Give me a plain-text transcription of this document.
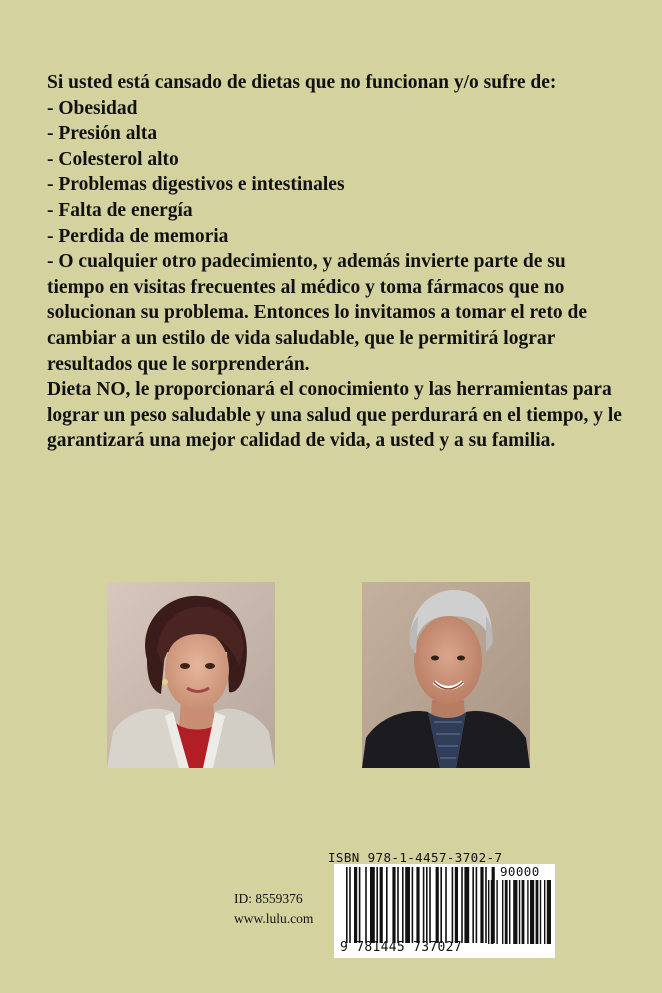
Si usted está cansado de dietas que no funcionan y/o sufre de:

- Obesidad
- Presión alta
- Colesterol alto
- Problemas digestivos e intestinales
- Falta de energía
- Perdida de memoria
- O cualquier otro padecimiento, y además invierte parte de su tiempo en visitas frecuentes al médico y toma fármacos que no solucionan su problema. Entonces lo invitamos a tomar el reto de cambiar a un estilo de vida saludable, que le permitirá lograr resultados que le sorprenderán.

Dieta NO, le proporcionará el conocimiento y las herramientas para lograr un peso saludable y una salud que perdurará en el tiempo, y le garantizará una mejor calidad de vida, a usted y a su familia.

ID: 8559376
www.lulu.com
ISBN 978-1-4457-3702-7
90000
9 781445 737027
